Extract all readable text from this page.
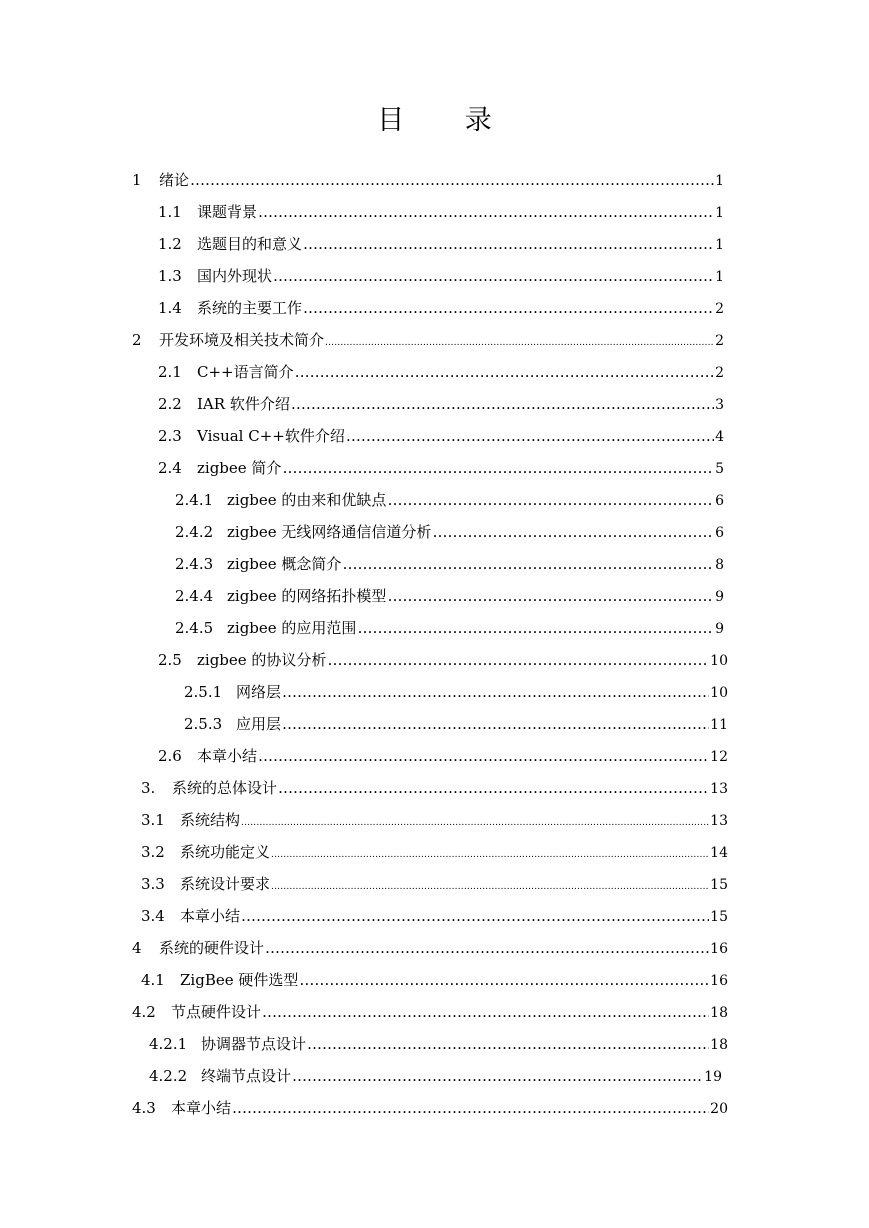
目 录
1	绪论 ………………………………………………………………………………………………………………………………………………………………………………………………………………………………………………………………	1
1.1	课题背景 ………………………………………………………………………………………………………………………………………………………………………………………………………………………………………………………………	1
1.2	选题目的和意义 ………………………………………………………………………………………………………………………………………………………………………………………………………………………………………………………………	1
1.3	国内外现状 ………………………………………………………………………………………………………………………………………………………………………………………………………………………………………………………………	1
1.4	系统的主要工作 ………………………………………………………………………………………………………………………………………………………………………………………………………………………………………………………………	2
2	开发环境及相关技术简介 .....	2
2.1	C++语言简介 ………………………………………………………………………………………………………………………………………………………………………………………………………………………………………………………………	2
2.2	IAR 软件介绍 ………………………………………………………………………………………………………………………………………………………………………………………………………………………………………………………………	3
2.3	Visual C++软件介绍 ………………………………………………………………………………………………………………………………………………………………………………………………………………………………………………………………	4
2.4	zigbee 简介 ………………………………………………………………………………………………………………………………………………………………………………………………………………………………………………………………	5
2.4.1 zigbee 的由来和优缺点 ………………………………………………………………………………………………………………………………………………………………………………………………………………………………………………………………	6
2.4.2 zigbee 无线网络通信信道分析 ………………………………………………………………………………………………………………………………………………………………………………………………………………………………………………………………	6
2.4.3 zigbee 概念简介 ………………………………………………………………………………………………………………………………………………………………………………………………………………………………………………………………	8
2.4.4 zigbee 的网络拓扑模型 ………………………………………………………………………………………………………………………………………………………………………………………………………………………………………………………………	9
2.4.5 zigbee 的应用范围 ………………………………………………………………………………………………………………………………………………………………………………………………………………………………………………………………	9
2.5	zigbee 的协议分析 ………………………………………………………………………………………………………………………………………………………………………………………………………………………………………………………………	10
2.5.1 网络层 ………………………………………………………………………………………………………………………………………………………………………………………………………………………………………………………………	10
2.5.3 应用层 ………………………………………………………………………………………………………………………………………………………………………………………………………………………………………………………………	11
2.6	本章小结 ………………………………………………………………………………………………………………………………………………………………………………………………………………………………………………………………	12
3.	系统的总体设计 ………………………………………………………………………………………………………………………………………………………………………………………………………………………………………………………………	13
3.1	系统结构 .....	13
3.2	系统功能定义 .....	14
3.3	系统设计要求 .....	15
3.4	本章小结 ………………………………………………………………………………………………………………………………………………………………………………………………………………………………………………………………	15
4	系统的硬件设计 ………………………………………………………………………………………………………………………………………………………………………………………………………………………………………………………………	16
4.1	ZigBee 硬件选型 ………………………………………………………………………………………………………………………………………………………………………………………………………………………………………………………………	16
4.2	节点硬件设计 ………………………………………………………………………………………………………………………………………………………………………………………………………………………………………………………………	18
4.2.1 协调器节点设计 ………………………………………………………………………………………………………………………………………………………………………………………………………………………………………………………………	18
4.2.2 终端节点设计 ………………………………………………………………………………………………………………………………………………………………………………………………………………………………………………………………	19
4.3	本章小结 ………………………………………………………………………………………………………………………………………………………………………………………………………………………………………………………………	20
